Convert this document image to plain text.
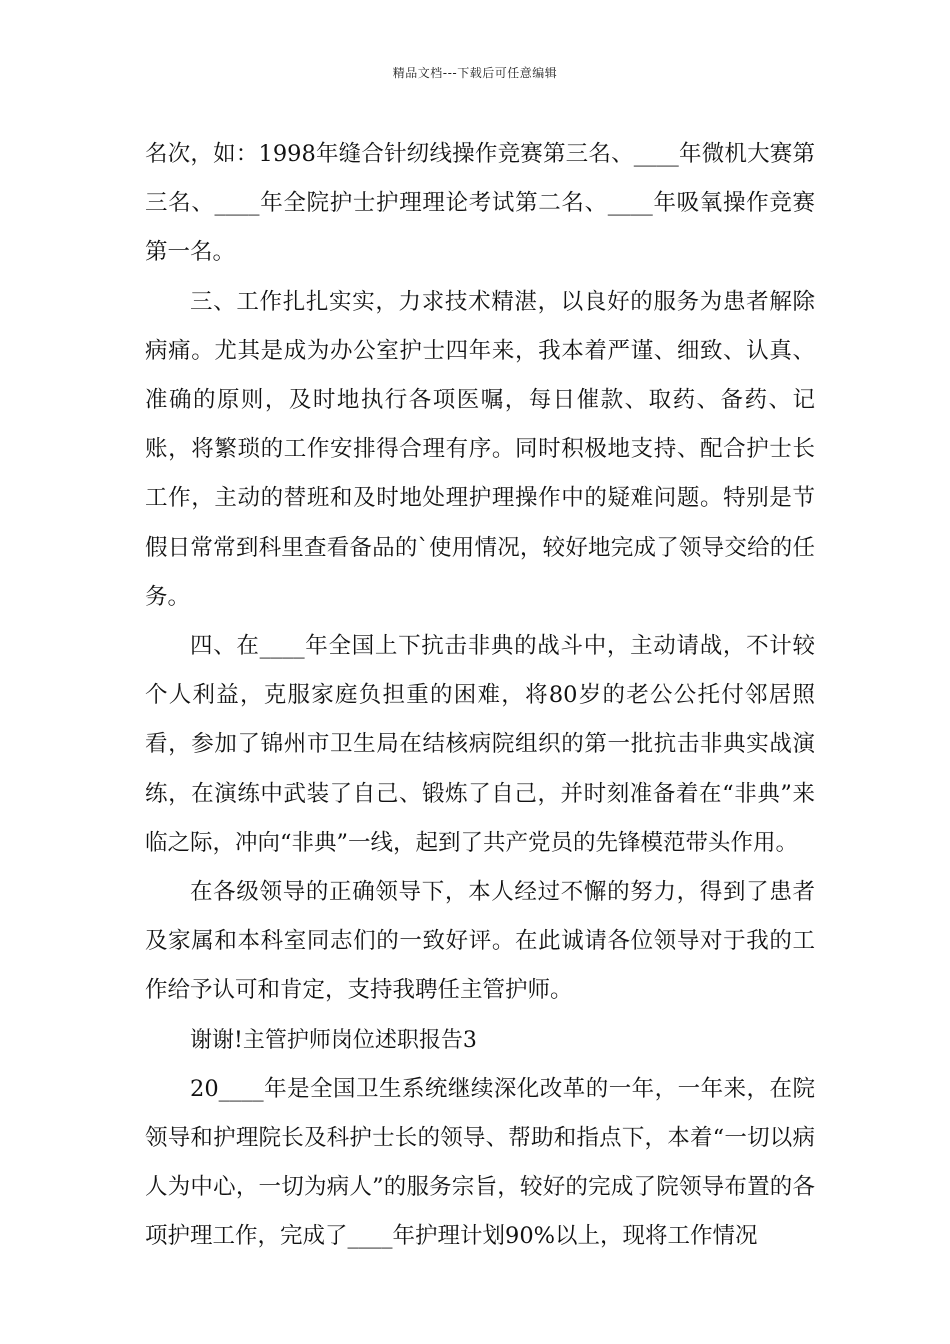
精品文档---下载后可任意编辑

名次，如：1998年缝合针纫线操作竞赛第三名、____年微机大赛第三名、____年全院护士护理理论考试第二名、____年吸氧操作竞赛第一名。

三、工作扎扎实实，力求技术精湛，以良好的服务为患者解除病痛。尤其是成为办公室护士四年来，我本着严谨、细致、认真、准确的原则，及时地执行各项医嘱，每日催款、取药、备药、记账，将繁琐的工作安排得合理有序。同时积极地支持、配合护士长工作，主动的替班和及时地处理护理操作中的疑难问题。特别是节假日常常到科里查看备品的`使用情况，较好地完成了领导交给的任务。

四、在____年全国上下抗击非典的战斗中，主动请战，不计较个人利益，克服家庭负担重的困难，将80岁的老公公托付邻居照看，参加了锦州市卫生局在结核病院组织的第一批抗击非典实战演练，在演练中武装了自己、锻炼了自己，并时刻准备着在“非典”来临之际，冲向“非典”一线，起到了共产党员的先锋模范带头作用。

在各级领导的正确领导下，本人经过不懈的努力，得到了患者及家属和本科室同志们的一致好评。在此诚请各位领导对于我的工作给予认可和肯定，支持我聘任主管护师。

谢谢!主管护师岗位述职报告3

20____年是全国卫生系统继续深化改革的一年，一年来，在院领导和护理院长及科护士长的领导、帮助和指点下，本着“一切以病人为中心，一切为病人”的服务宗旨，较好的完成了院领导布置的各项护理工作，完成了____年护理计划90%以上，现将工作情况
